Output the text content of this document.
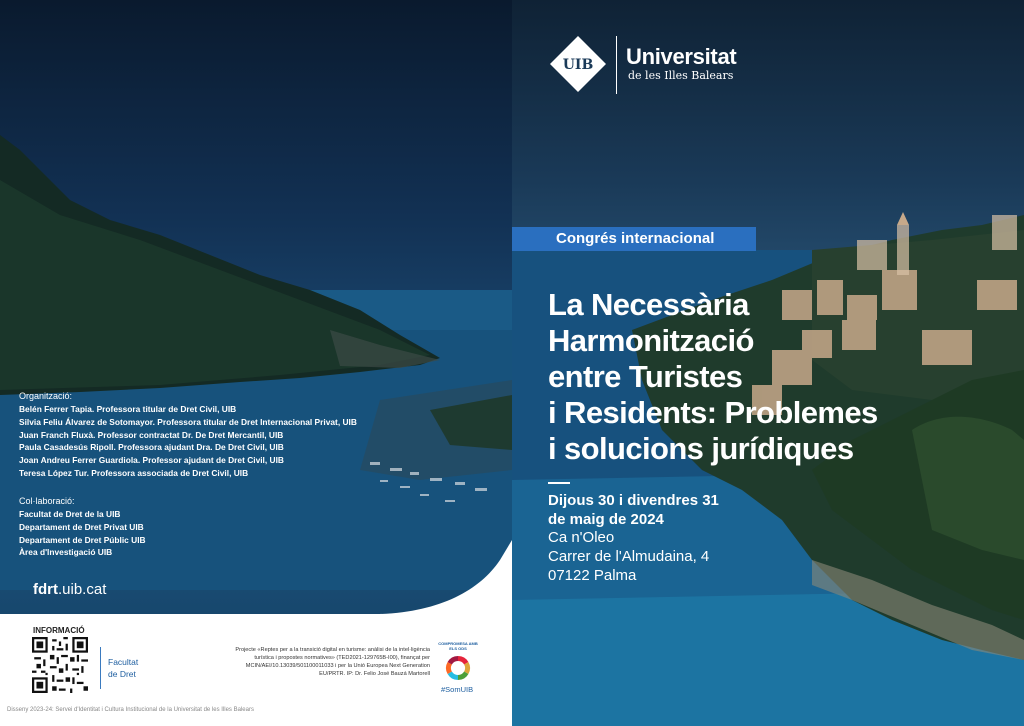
Organització:
Belén Ferrer Tapia. Professora titular de Dret Civil, UIB
Silvia Feliu Álvarez de Sotomayor. Professora titular de Dret Internacional Privat, UIB
Juan Franch Fluxà. Professor contractat Dr. De Dret Mercantil, UIB
Paula Casadesús Ripoll. Professora ajudant Dra. De Dret Civil, UIB
Joan Andreu Ferrer Guardiola. Professor ajudant de Dret Civil, UIB
Teresa López Tur. Professora associada de Dret Civil, UIB
Col·laboració:
Facultat de Dret de la UIB
Departament de Dret Privat UIB
Departament de Dret Públic UIB
Àrea d'Investigació UIB
fdrt.uib.cat
INFORMACIÓ
Facultat
de Dret
Projecte «Reptes per a la transició digital en turisme: anàlisi de la intel·ligència turística i propostes normatives» (TED2021-129765B-I00), finançat per MCIN/AEI/10.13039/501100011033 i per la Unió Europea Next Generation EU/PRTR. IP: Dr. Felio José Bauzá Martorell
COMPROMESA AMB ELS ODS
#SomUIB
Disseny 2023-24: Servei d'Identitat i Cultura Institucional de la Universitat de les Illes Balears
UIB Universitat
de les Illes Balears
Congrés internacional
La Necessària
Harmonització
entre Turistes
i Residents: Problemes
i solucions jurídiques
Dijous 30 i divendres 31
de maig de 2024
Ca n'Oleo
Carrer de l'Almudaina, 4
07122 Palma
